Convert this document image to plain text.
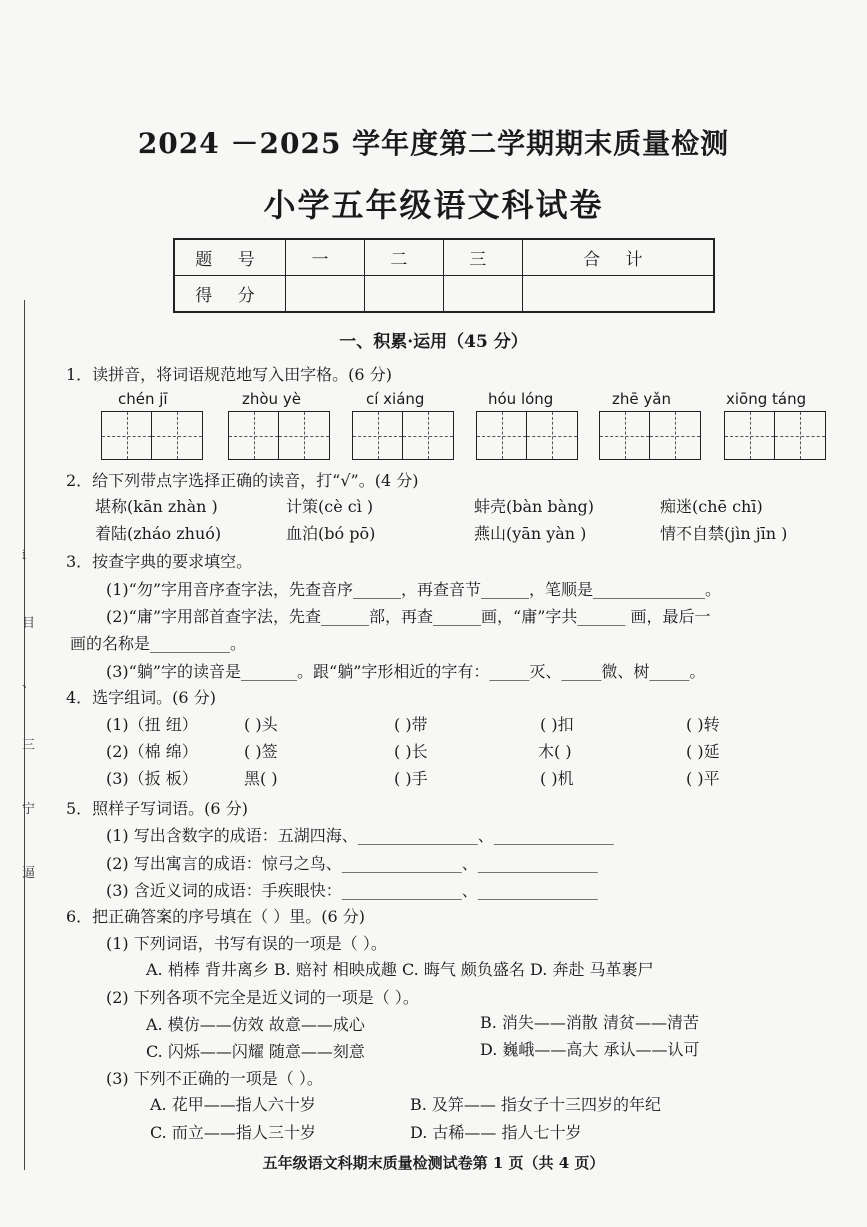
i
目
、
三
宁
逼
2024 －2025 学年度第二学期期末质量检测
小学五年级语文科试卷
题 号	一	二	三	合 计
得 分				
一、积累·运用（45 分）
1．读拼音，将词语规范地写入田字格。(6 分)
chén jī	zhòu yè	cí xiáng	hóu lóng	zhē yǎn	xiōng táng
2．给下列带点字选择正确的读音，打“√”。(4 分)
堪称(kān zhàn )	计策(cè cì )	蚌壳(bàn bàng)	痴迷(chē chī)
着陆(zháo zhuó)	血泊(bó pō)	燕山(yān yàn )	情不自禁(jìn jīn )
3．按查字典的要求填空。
(1)“勿”字用音序查字法，先查音序______，再查音节______，笔顺是______________。
(2)“庸”字用部首查字法，先查______部，再查______画，“庸”字共______ 画，最后一
画的名称是__________。
(3)“躺”字的读音是_______。跟“躺”字形相近的字有：_____灭、_____微、树_____。
4．选字组词。(6 分)
(1)（扭 纽）	( )头	( )带	( )扣	( )转
(2)（棉 绵）	( )签	( )长	木( )	( )延
(3)（扳 板）	黑( )	( )手	( )机	( )平
5．照样子写词语。(6 分)
(1) 写出含数字的成语：五湖四海、_______________、_______________
(2) 写出寓言的成语：惊弓之鸟、_______________、_______________
(3) 含近义词的成语：手疾眼快：_______________、_______________
6．把正确答案的序号填在（ ）里。(6 分)
(1) 下列词语，书写有误的一项是（ ）。
A. 梢棒 背井离乡 B. 赔衬 相映成趣 C. 晦气 颇负盛名 D. 奔赴 马革裹尸
(2) 下列各项不完全是近义词的一项是（ ）。
A. 模仿——仿效 故意——成心	B. 消失——消散 清贫——清苦
C. 闪烁——闪耀 随意——刻意	D. 巍峨——高大 承认——认可
(3) 下列不正确的一项是（ ）。
A. 花甲——指人六十岁	B. 及笄—— 指女子十三四岁的年纪
C. 而立——指人三十岁	D. 古稀—— 指人七十岁
五年级语文科期末质量检测试卷第 1 页（共 4 页）
